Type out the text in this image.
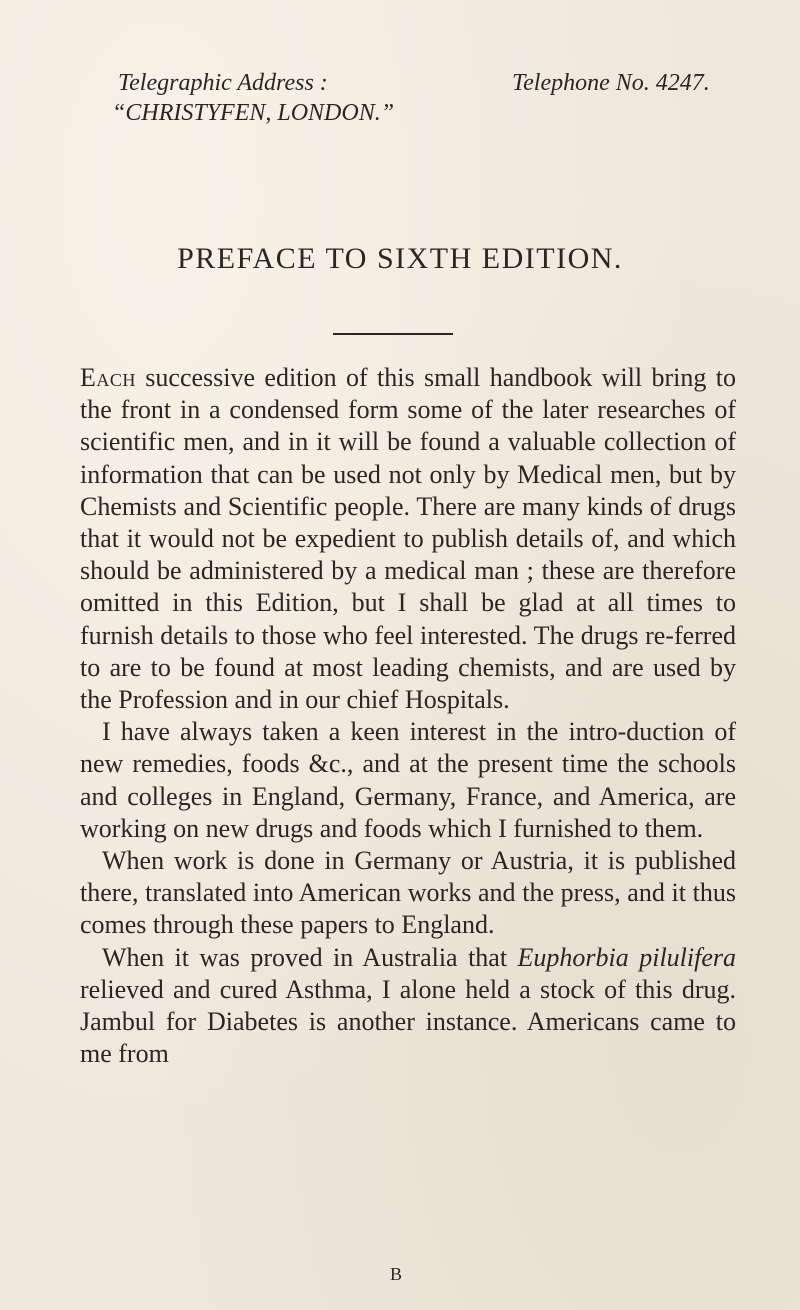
Telegraphic Address :
“CHRISTYFEN, LONDON.”
Telephone No. 4247.
PREFACE TO SIXTH EDITION.

Each successive edition of this small handbook will bring to the front in a condensed form some of the later researches of scientific men, and in it will be found a valuable collection of information that can be used not only by Medical men, but by Chemists and Scientific people. There are many kinds of drugs that it would not be expedient to publish details of, and which should be administered by a medical man ; these are therefore omitted in this Edition, but I shall be glad at all times to furnish details to those who feel interested. The drugs re-ferred to are to be found at most leading chemists, and are used by the Profession and in our chief Hospitals.

I have always taken a keen interest in the intro-duction of new remedies, foods &c., and at the present time the schools and colleges in England, Germany, France, and America, are working on new drugs and foods which I furnished to them.

When work is done in Germany or Austria, it is published there, translated into American works and the press, and it thus comes through these papers to England.

When it was proved in Australia that Euphorbia pilulifera relieved and cured Asthma, I alone held a stock of this drug. Jambul for Diabetes is another instance. Americans came to me from

B
